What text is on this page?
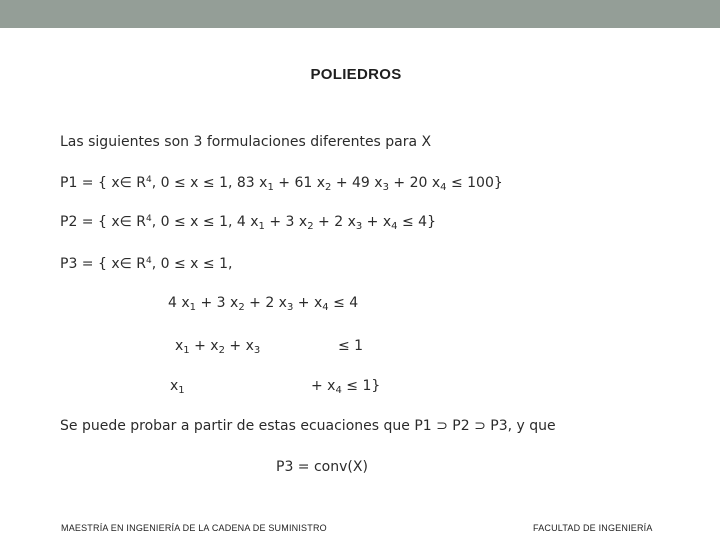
POLIEDROS
Las siguientes son 3 formulaciones diferentes para X
P1 = { x∈ $R^4$, 0 ≤ x ≤ 1, 83 $x_1 + 61$ $x_2 + 49$ $x_3 + 20$ $x_4 \le 100$}
P2 = { x∈ $R^4$, 0 ≤ x ≤ 1, 4 $x_1 + 3$ $x_2 + 2$ $x_3 + x_4 \le 4$}
P3 = { x∈ $R^4$, 0 ≤ x ≤ 1,
4 $x_1 + 3$ $x_2 + 2$ $x_3 + x_4 \le 4$
$x_1 + x_2 + x_3$	≤ 1
$x_1$	+ $x_4 \le 1$}
Se puede probar a partir de estas ecuaciones que P1 ⊃ P2 ⊃ P3, y que
P3 = conv(X)
MAESTRÍA EN INGENIERÍA DE LA CADENA DE SUMINISTRO	FACULTAD DE INGENIERÍA
